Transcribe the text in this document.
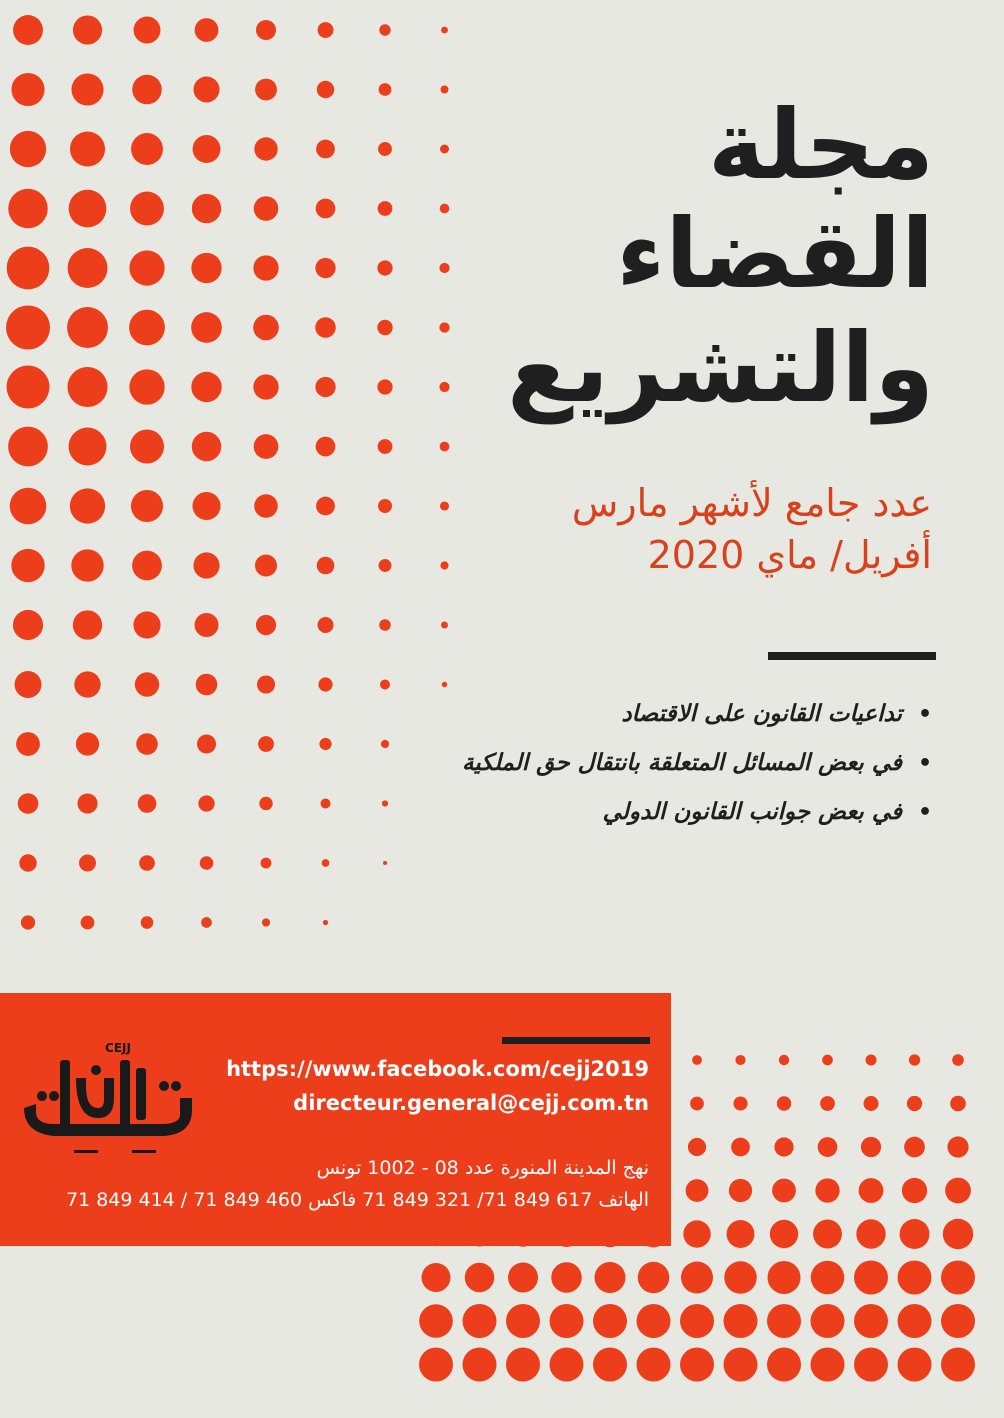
مجلة
القضاء
والتشريع
عدد جامع لأشهر مارس
أفريل/ ماي 2020
•
تداعيات القانون على الاقتصاد
•
في بعض المسائل المتعلقة بانتقال حق الملكية
•
في بعض جوانب القانون الدولي
CEJJ
https://www.facebook.com/cejj2019
directeur.general@cejj.com.tn
نهج المدينة المنورة عدد 08 - 1002 تونس
الهاتف 617 849 71/ 321 849 71 فاكس 460 849 71 / 414 849 71
